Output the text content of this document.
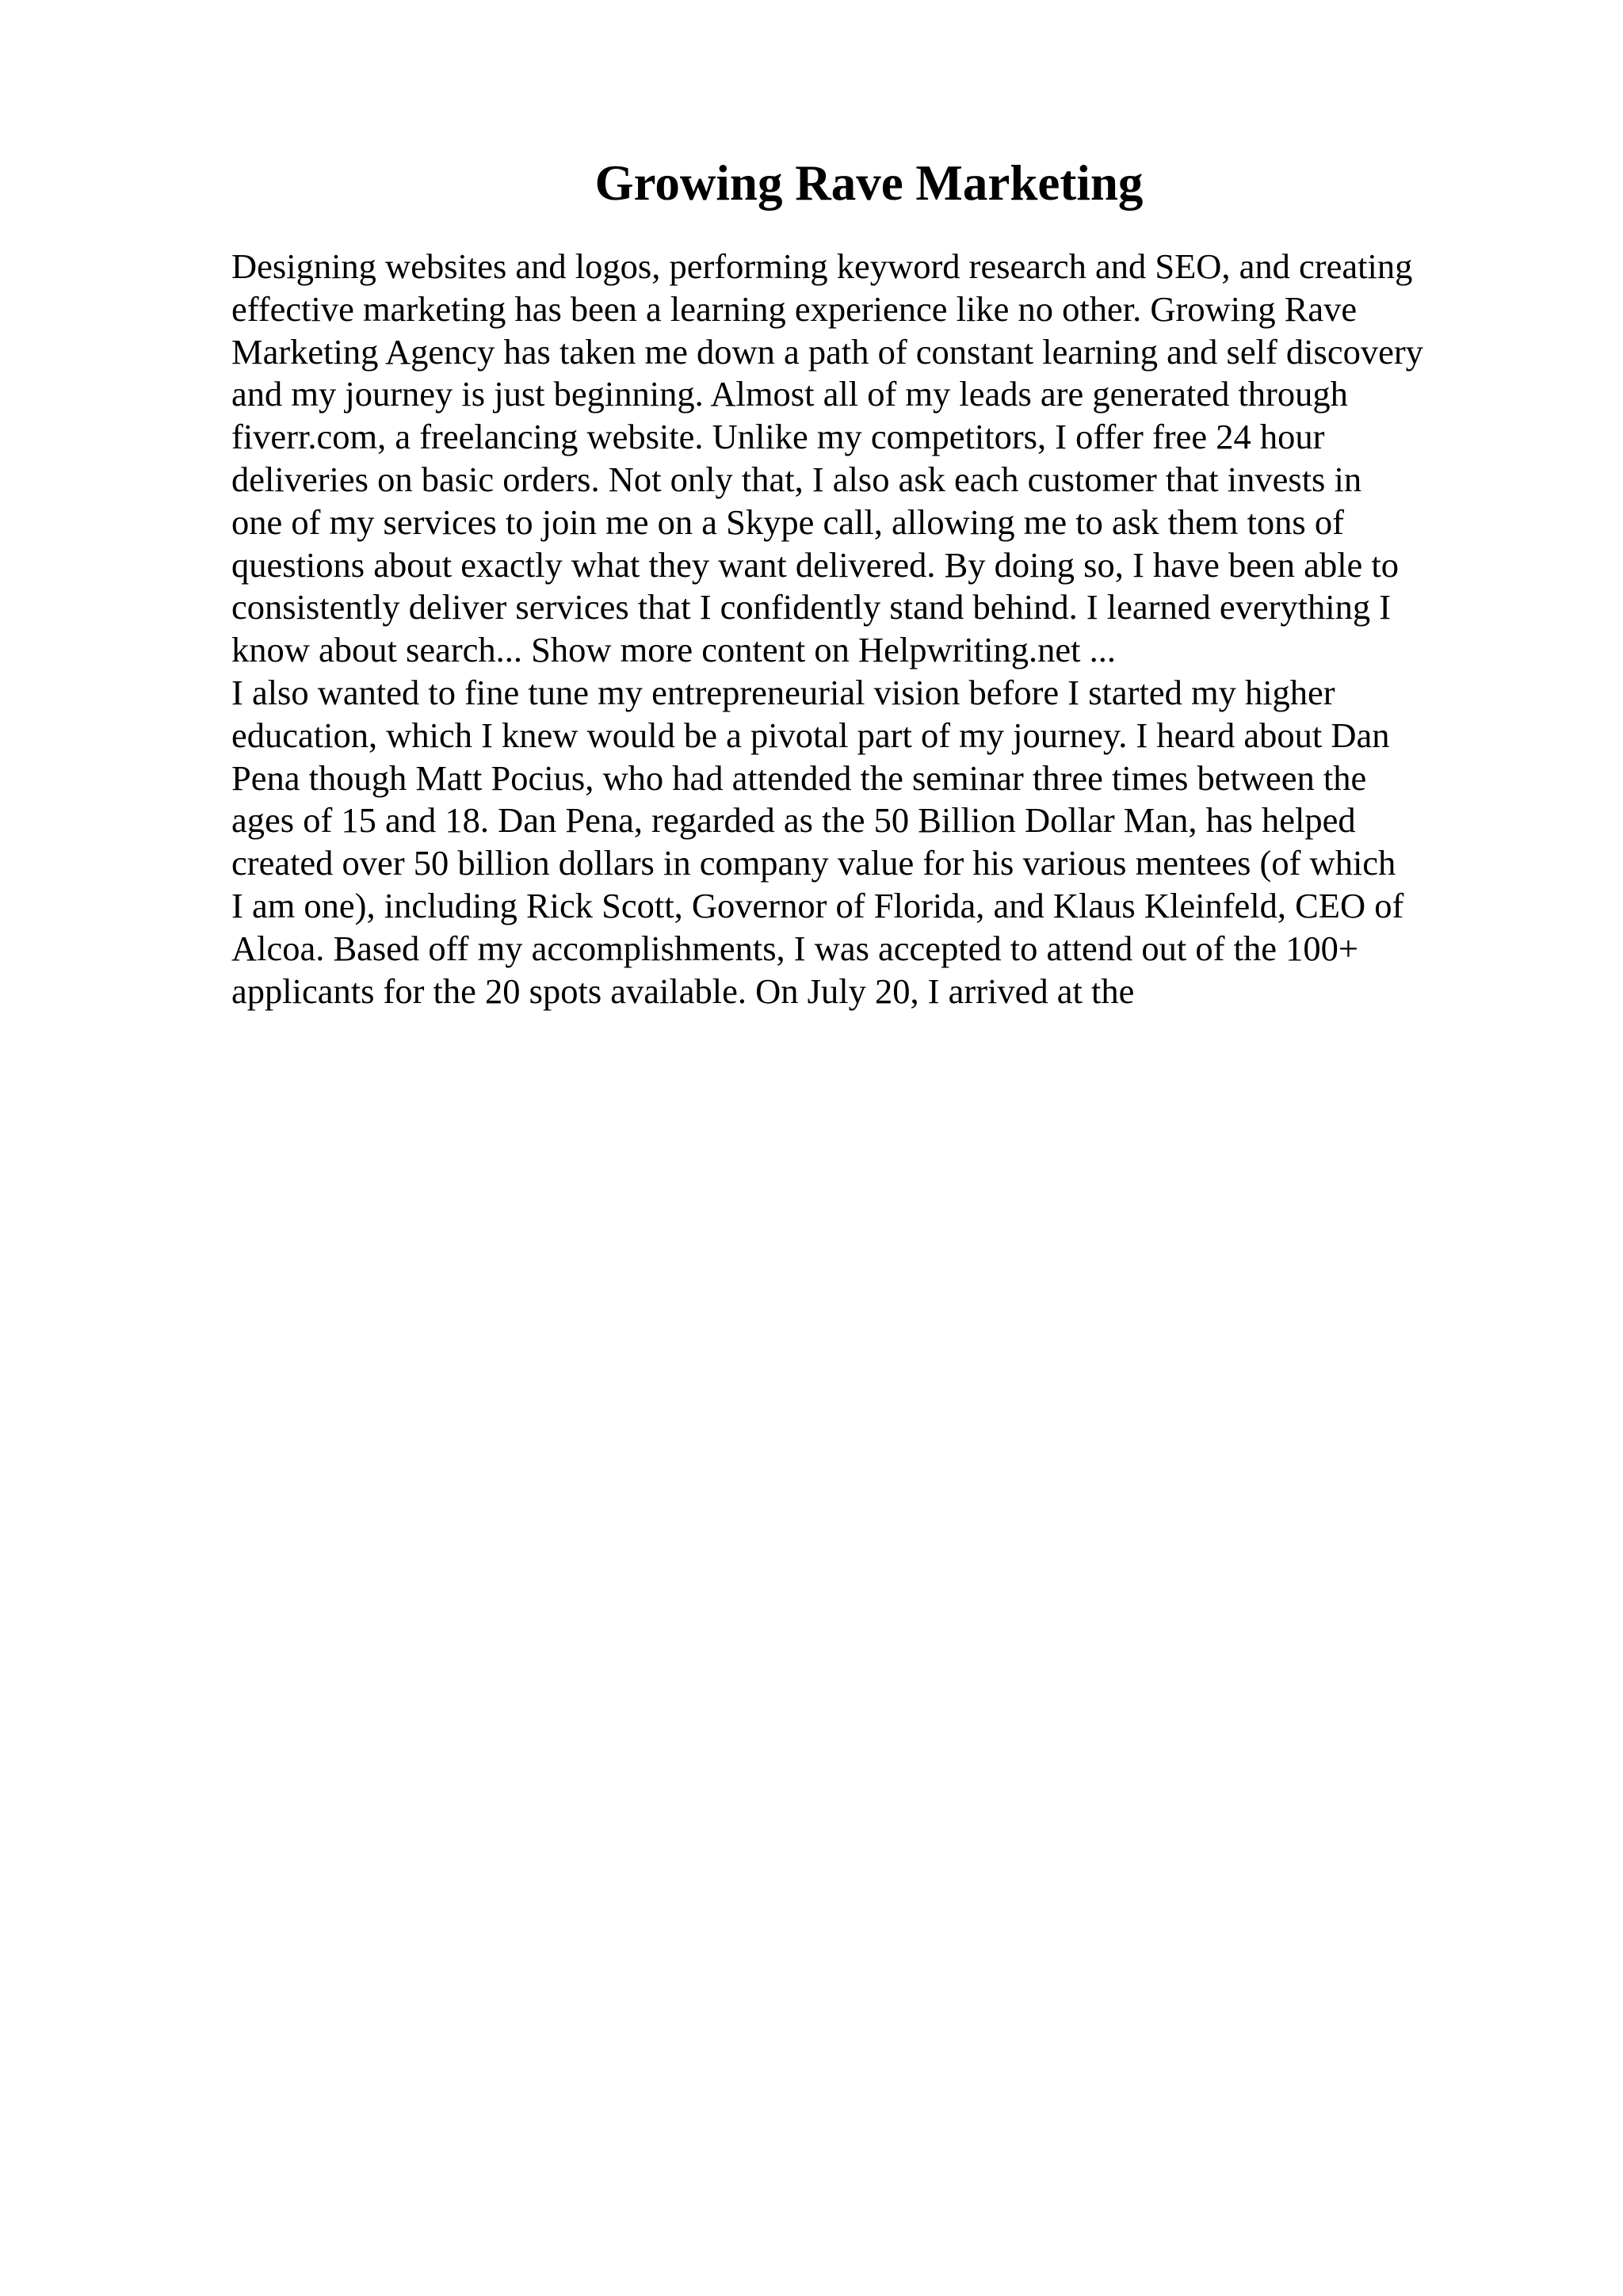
Growing Rave Marketing
Designing websites and logos, performing keyword research and SEO, and creating
effective marketing has been a learning experience like no other. Growing Rave
Marketing Agency has taken me down a path of constant learning and self discovery
and my journey is just beginning. Almost all of my leads are generated through
fiverr.com, a freelancing website. Unlike my competitors, I offer free 24 hour
deliveries on basic orders. Not only that, I also ask each customer that invests in
one of my services to join me on a Skype call, allowing me to ask them tons of
questions about exactly what they want delivered. By doing so, I have been able to
consistently deliver services that I confidently stand behind. I learned everything I
know about search... Show more content on Helpwriting.net ...
I also wanted to fine tune my entrepreneurial vision before I started my higher
education, which I knew would be a pivotal part of my journey. I heard about Dan
Pena though Matt Pocius, who had attended the seminar three times between the
ages of 15 and 18. Dan Pena, regarded as the 50 Billion Dollar Man, has helped
created over 50 billion dollars in company value for his various mentees (of which
I am one), including Rick Scott, Governor of Florida, and Klaus Kleinfeld, CEO of
Alcoa. Based off my accomplishments, I was accepted to attend out of the 100+
applicants for the 20 spots available. On July 20, I arrived at the
